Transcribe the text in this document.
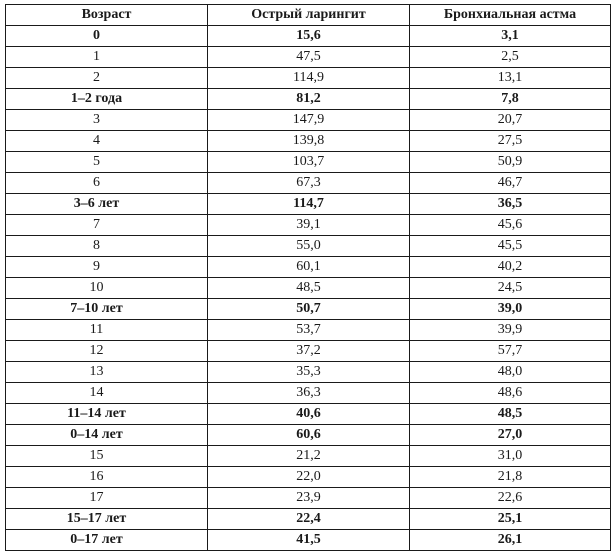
Возраст	Острый ларингит	Бронхиальная астма
0	15,6	3,1
1	47,5	2,5
2	114,9	13,1
1–2 года	81,2	7,8
3	147,9	20,7
4	139,8	27,5
5	103,7	50,9
6	67,3	46,7
3–6 лет	114,7	36,5
7	39,1	45,6
8	55,0	45,5
9	60,1	40,2
10	48,5	24,5
7–10 лет	50,7	39,0
11	53,7	39,9
12	37,2	57,7
13	35,3	48,0
14	36,3	48,6
11–14 лет	40,6	48,5
0–14 лет	60,6	27,0
15	21,2	31,0
16	22,0	21,8
17	23,9	22,6
15–17 лет	22,4	25,1
0–17 лет	41,5	26,1
